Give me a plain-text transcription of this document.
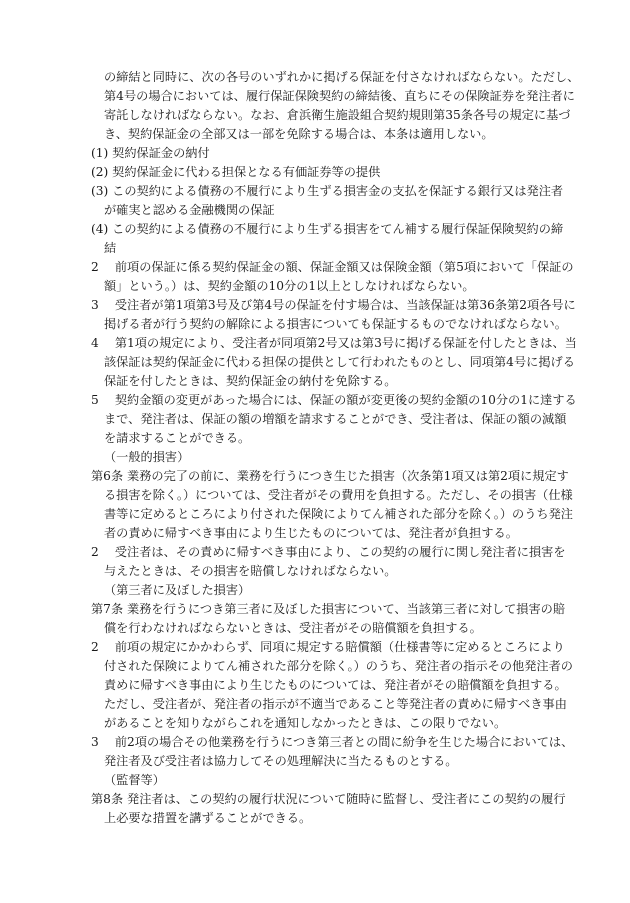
の締結と同時に、次の各号のいずれかに掲げる保証を付さなければならない。ただし、
第4号の場合においては、履行保証保険契約の締結後、直ちにその保険証券を発注者に
寄託しなければならない。なお、倉浜衛生施設組合契約規則第35条各号の規定に基づ
き、契約保証金の全部又は一部を免除する場合は、本条は適用しない。
(1) 契約保証金の納付
(2) 契約保証金に代わる担保となる有価証券等の提供
(3) この契約による債務の不履行により生ずる損害金の支払を保証する銀行又は発注者
が確実と認める金融機関の保証
(4) この契約による債務の不履行により生ずる損害をてん補する履行保証保険契約の締
結
2　 前項の保証に係る契約保証金の額、保証金額又は保険金額（第5項において「保証の
額」という。）は、契約金額の10分の1以上としなければならない。
3　 受注者が第1項第3号及び第4号の保証を付す場合は、当該保証は第36条第2項各号に
掲げる者が行う契約の解除による損害についても保証するものでなければならない。
4　 第1項の規定により、受注者が同項第2号又は第3号に掲げる保証を付したときは、当
該保証は契約保証金に代わる担保の提供として行われたものとし、同項第4号に掲げる
保証を付したときは、契約保証金の納付を免除する。
5　 契約金額の変更があった場合には、保証の額が変更後の契約金額の10分の1に達する
まで、発注者は、保証の額の増額を請求することができ、受注者は、保証の額の減額
を請求することができる。
（一般的損害）
第6条 業務の完了の前に、業務を行うにつき生じた損害（次条第1項又は第2項に規定す
る損害を除く。）については、受注者がその費用を負担する。ただし、その損害（仕様
書等に定めるところにより付された保険によりてん補された部分を除く。）のうち発注
者の責めに帰すべき事由により生じたものについては、発注者が負担する。
2　 受注者は、その責めに帰すべき事由により、この契約の履行に関し発注者に損害を
与えたときは、その損害を賠償しなければならない。
（第三者に及ぼした損害）
第7条 業務を行うにつき第三者に及ぼした損害について、当該第三者に対して損害の賠
償を行わなければならないときは、受注者がその賠償額を負担する。
2　 前項の規定にかかわらず、同項に規定する賠償額（仕様書等に定めるところにより
付された保険によりてん補された部分を除く。）のうち、発注者の指示その他発注者の
責めに帰すべき事由により生じたものについては、発注者がその賠償額を負担する。
ただし、受注者が、発注者の指示が不適当であること等発注者の責めに帰すべき事由
があることを知りながらこれを通知しなかったときは、この限りでない。
3　 前2項の場合その他業務を行うにつき第三者との間に紛争を生じた場合においては、
発注者及び受注者は協力してその処理解決に当たるものとする。
（監督等）
第8条 発注者は、この契約の履行状況について随時に監督し、受注者にこの契約の履行
上必要な措置を講ずることができる。
